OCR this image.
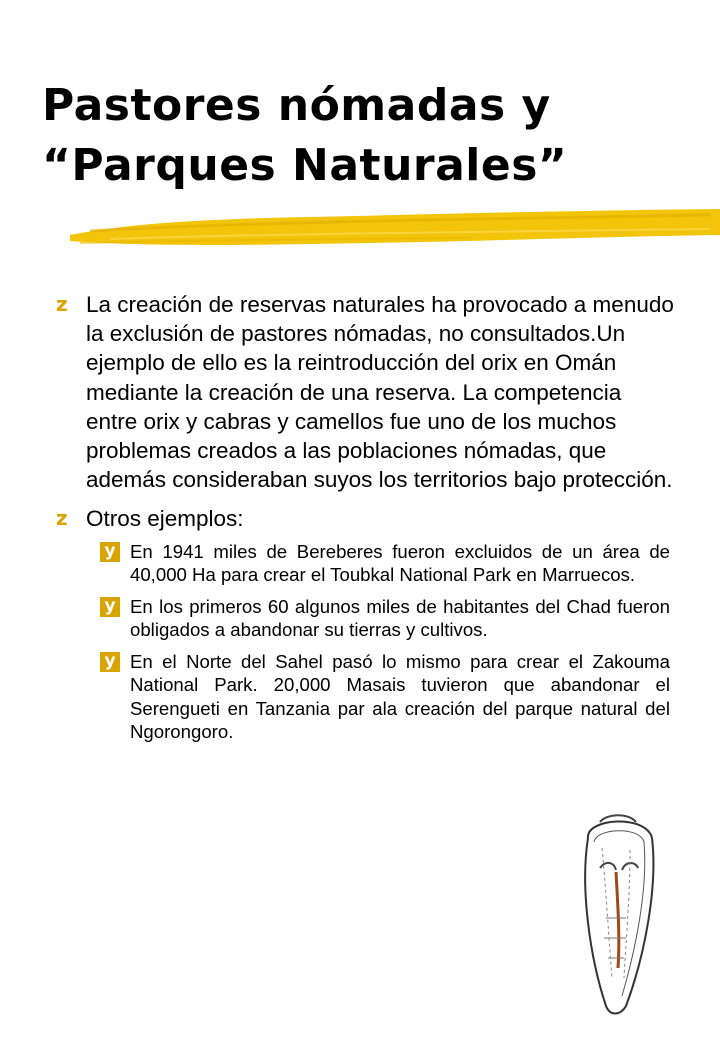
Pastores nómadas y
“Parques Naturales”
z La creación de reservas naturales ha provocado a menudo la exclusión de pastores nómadas, no consultados.Un ejemplo de ello es la reintroducción del orix en Omán mediante la creación de una reserva. La competencia entre orix y cabras y camellos fue uno de los muchos problemas creados a las poblaciones nómadas, que además consideraban suyos los territorios bajo protección.
z Otros ejemplos:
y En 1941 miles de Bereberes fueron excluidos de un área de 40,000 Ha para crear el Toubkal National Park en Marruecos.
y En los primeros 60 algunos miles de habitantes del Chad fueron obligados a abandonar su tierras y cultivos.
y En el Norte del Sahel pasó lo mismo para crear el Zakouma National Park. 20,000 Masais tuvieron que abandonar el Serengueti en Tanzania par ala creación del parque natural del Ngorongoro.
